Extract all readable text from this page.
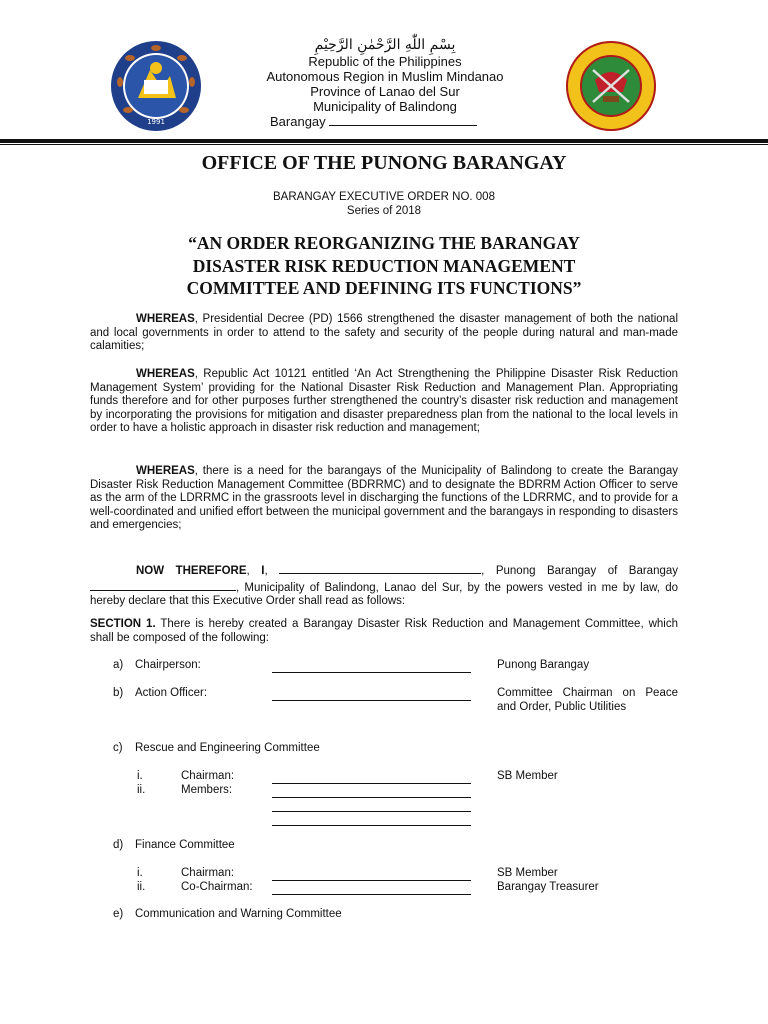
1991
بِسْمِ اللّٰهِ الرَّحْمٰنِ الرَّحِيْمِ
Republic of the Philippines
Autonomous Region in Muslim Mindanao
Province of Lanao del Sur
Municipality of Balindong
Barangay
OFFICE OF THE PUNONG BARANGAY
BARANGAY EXECUTIVE ORDER NO. 008
Series of 2018
“AN ORDER REORGANIZING THE BARANGAY
DISASTER RISK REDUCTION MANAGEMENT
COMMITTEE AND DEFINING ITS FUNCTIONS”
WHEREAS, Presidential Decree (PD) 1566 strengthened the disaster management of both the national and local governments in order to attend to the safety and security of the people during natural and man-made calamities;
WHEREAS, Republic Act 10121 entitled ‘An Act Strengthening the Philippine Disaster Risk Reduction Management System’ providing for the National Disaster Risk Reduction and Management Plan. Appropriating funds therefore and for other purposes further strengthened the country’s disaster risk reduction and management by incorporating the provisions for mitigation and disaster preparedness plan from the national to the local levels in order to have a holistic approach in disaster risk reduction and management;
WHEREAS, there is a need for the barangays of the Municipality of Balindong to create the Barangay Disaster Risk Reduction Management Committee (BDRRMC) and to designate the BDRRM Action Officer to serve as the arm of the LDRRMC in the grassroots level in discharging the functions of the LDRRMC, and to provide for a well-coordinated and unified effort between the municipal government and the barangays in responding to disasters and emergencies;
NOW THEREFORE, I,	, Punong Barangay of Barangay , Municipality of Balindong, Lanao del Sur, by the powers vested in me by law, do hereby declare that this Executive Order shall read as follows:
SECTION 1. There is hereby created a Barangay Disaster Risk Reduction and Management Committee, which shall be composed of the following:
a) Chairperson:	Punong Barangay
b) Action Officer:	Committee Chairman on Peace and Order, Public Utilities
c) Rescue and Engineering Committee
i.	Chairman:	SB Member
ii.	Members:
d) Finance Committee
i.	Chairman:	SB Member
ii.	Co-Chairman:	Barangay Treasurer
e) Communication and Warning Committee
